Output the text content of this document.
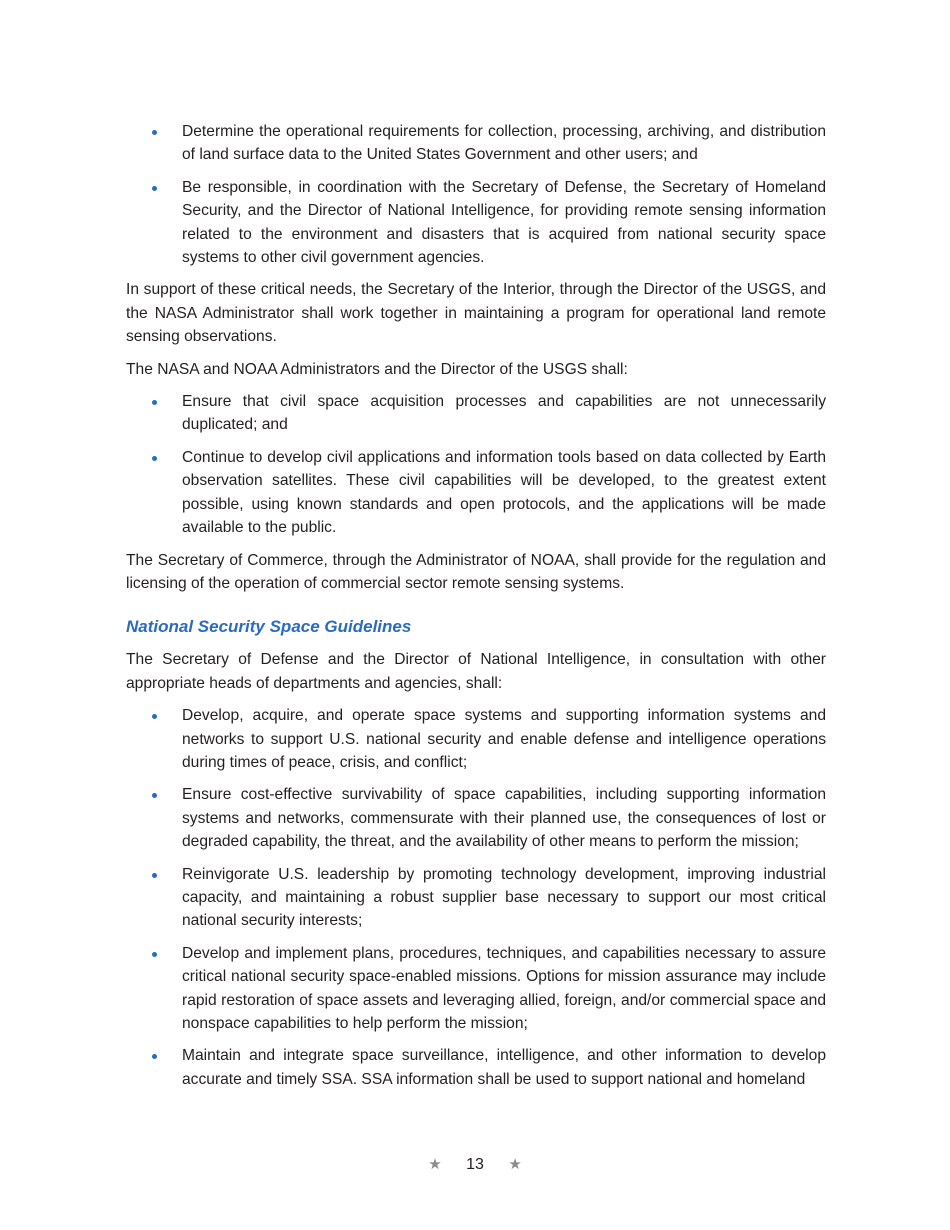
Determine the operational requirements for collection, processing, archiving, and distribution of land surface data to the United States Government and other users; and
Be responsible, in coordination with the Secretary of Defense, the Secretary of Homeland Security, and the Director of National Intelligence, for providing remote sensing information related to the environment and disasters that is acquired from national security space systems to other civil government agencies.

In support of these critical needs, the Secretary of the Interior, through the Director of the USGS, and the NASA Administrator shall work together in maintaining a program for operational land remote sensing observations.

The NASA and NOAA Administrators and the Director of the USGS shall:

Ensure that civil space acquisition processes and capabilities are not unnecessarily duplicated; and
Continue to develop civil applications and information tools based on data collected by Earth observation satellites. These civil capabilities will be developed, to the greatest extent possible, using known standards and open protocols, and the applications will be made available to the public.

The Secretary of Commerce, through the Administrator of NOAA, shall provide for the regulation and licensing of the operation of commercial sector remote sensing systems.

National Security Space Guidelines

The Secretary of Defense and the Director of National Intelligence, in consultation with other appropriate heads of departments and agencies, shall:

Develop, acquire, and operate space systems and supporting information systems and networks to support U.S. national security and enable defense and intelligence operations during times of peace, crisis, and conflict;
Ensure cost-effective survivability of space capabilities, including supporting information systems and networks, commensurate with their planned use, the consequences of lost or degraded capability, the threat, and the availability of other means to perform the mission;
Reinvigorate U.S. leadership by promoting technology development, improving industrial capacity, and maintaining a robust supplier base necessary to support our most critical national security interests;
Develop and implement plans, procedures, techniques, and capabilities necessary to assure critical national security space-enabled missions. Options for mission assurance may include rapid restoration of space assets and leveraging allied, foreign, and/or commercial space and nonspace capabilities to help perform the mission;
Maintain and integrate space surveillance, intelligence, and other information to develop accurate and timely SSA. SSA information shall be used to support national and homeland
★ 13 ★
